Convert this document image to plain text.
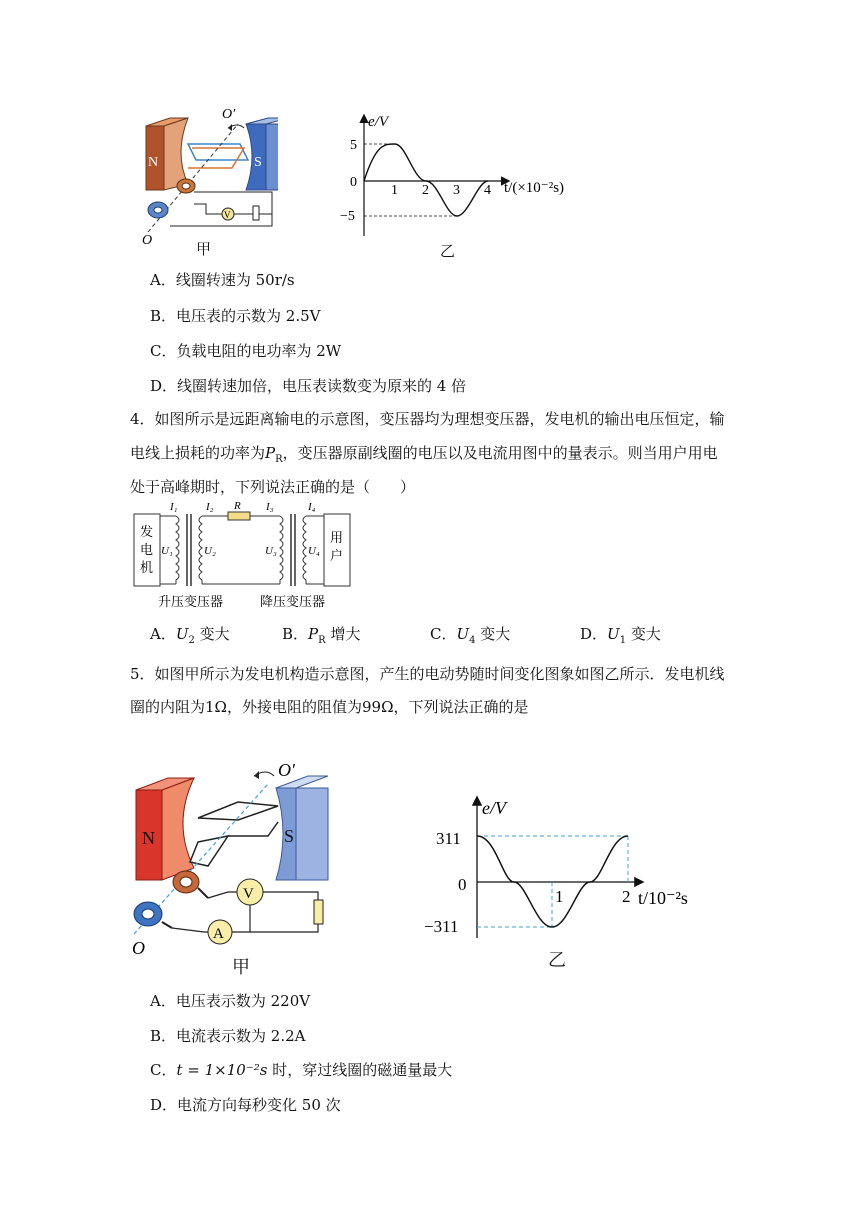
N	S
O′
O
V
甲
e/V
t/(×10⁻²s)
5
0
−5
1 2 3 4
乙
A．线圈转速为 50r/s
B．电压表的示数为 2.5V
C．负载电阻的电功率为 2W
D．线圈转速加倍，电压表读数变为原来的 4 倍
4．如图所示是远距离输电的示意图，变压器均为理想变压器，发电机的输出电压恒定，输
电线上损耗的功率为$P_R$，变压器原副线圈的电压以及电流用图中的量表示。则当用户用电
处于高峰期时，下列说法正确的是（　　）
发
电
机
用
户
I₁	I₂ R I₃	I₄
U₁	U₂	U₃	U₄
升压变压器	降压变压器
A．$U_2$ 变大	B．$P_R$ 增大	C．$U_4$ 变大	D．$U_1$ 变大
5．如图甲所示为发电机构造示意图，产生的电动势随时间变化图象如图乙所示．发电机线
圈的内阻为1Ω，外接电阻的阻值为99Ω，下列说法正确的是
N	S
O′
O
V
A
甲
e/V
t/10⁻²s
311
0
−311
1	2
乙
A．电压表示数为 220V
B．电流表示数为 2.2A
C．t = 1×10⁻²s 时，穿过线圈的磁通量最大
D．电流方向每秒变化 50 次
